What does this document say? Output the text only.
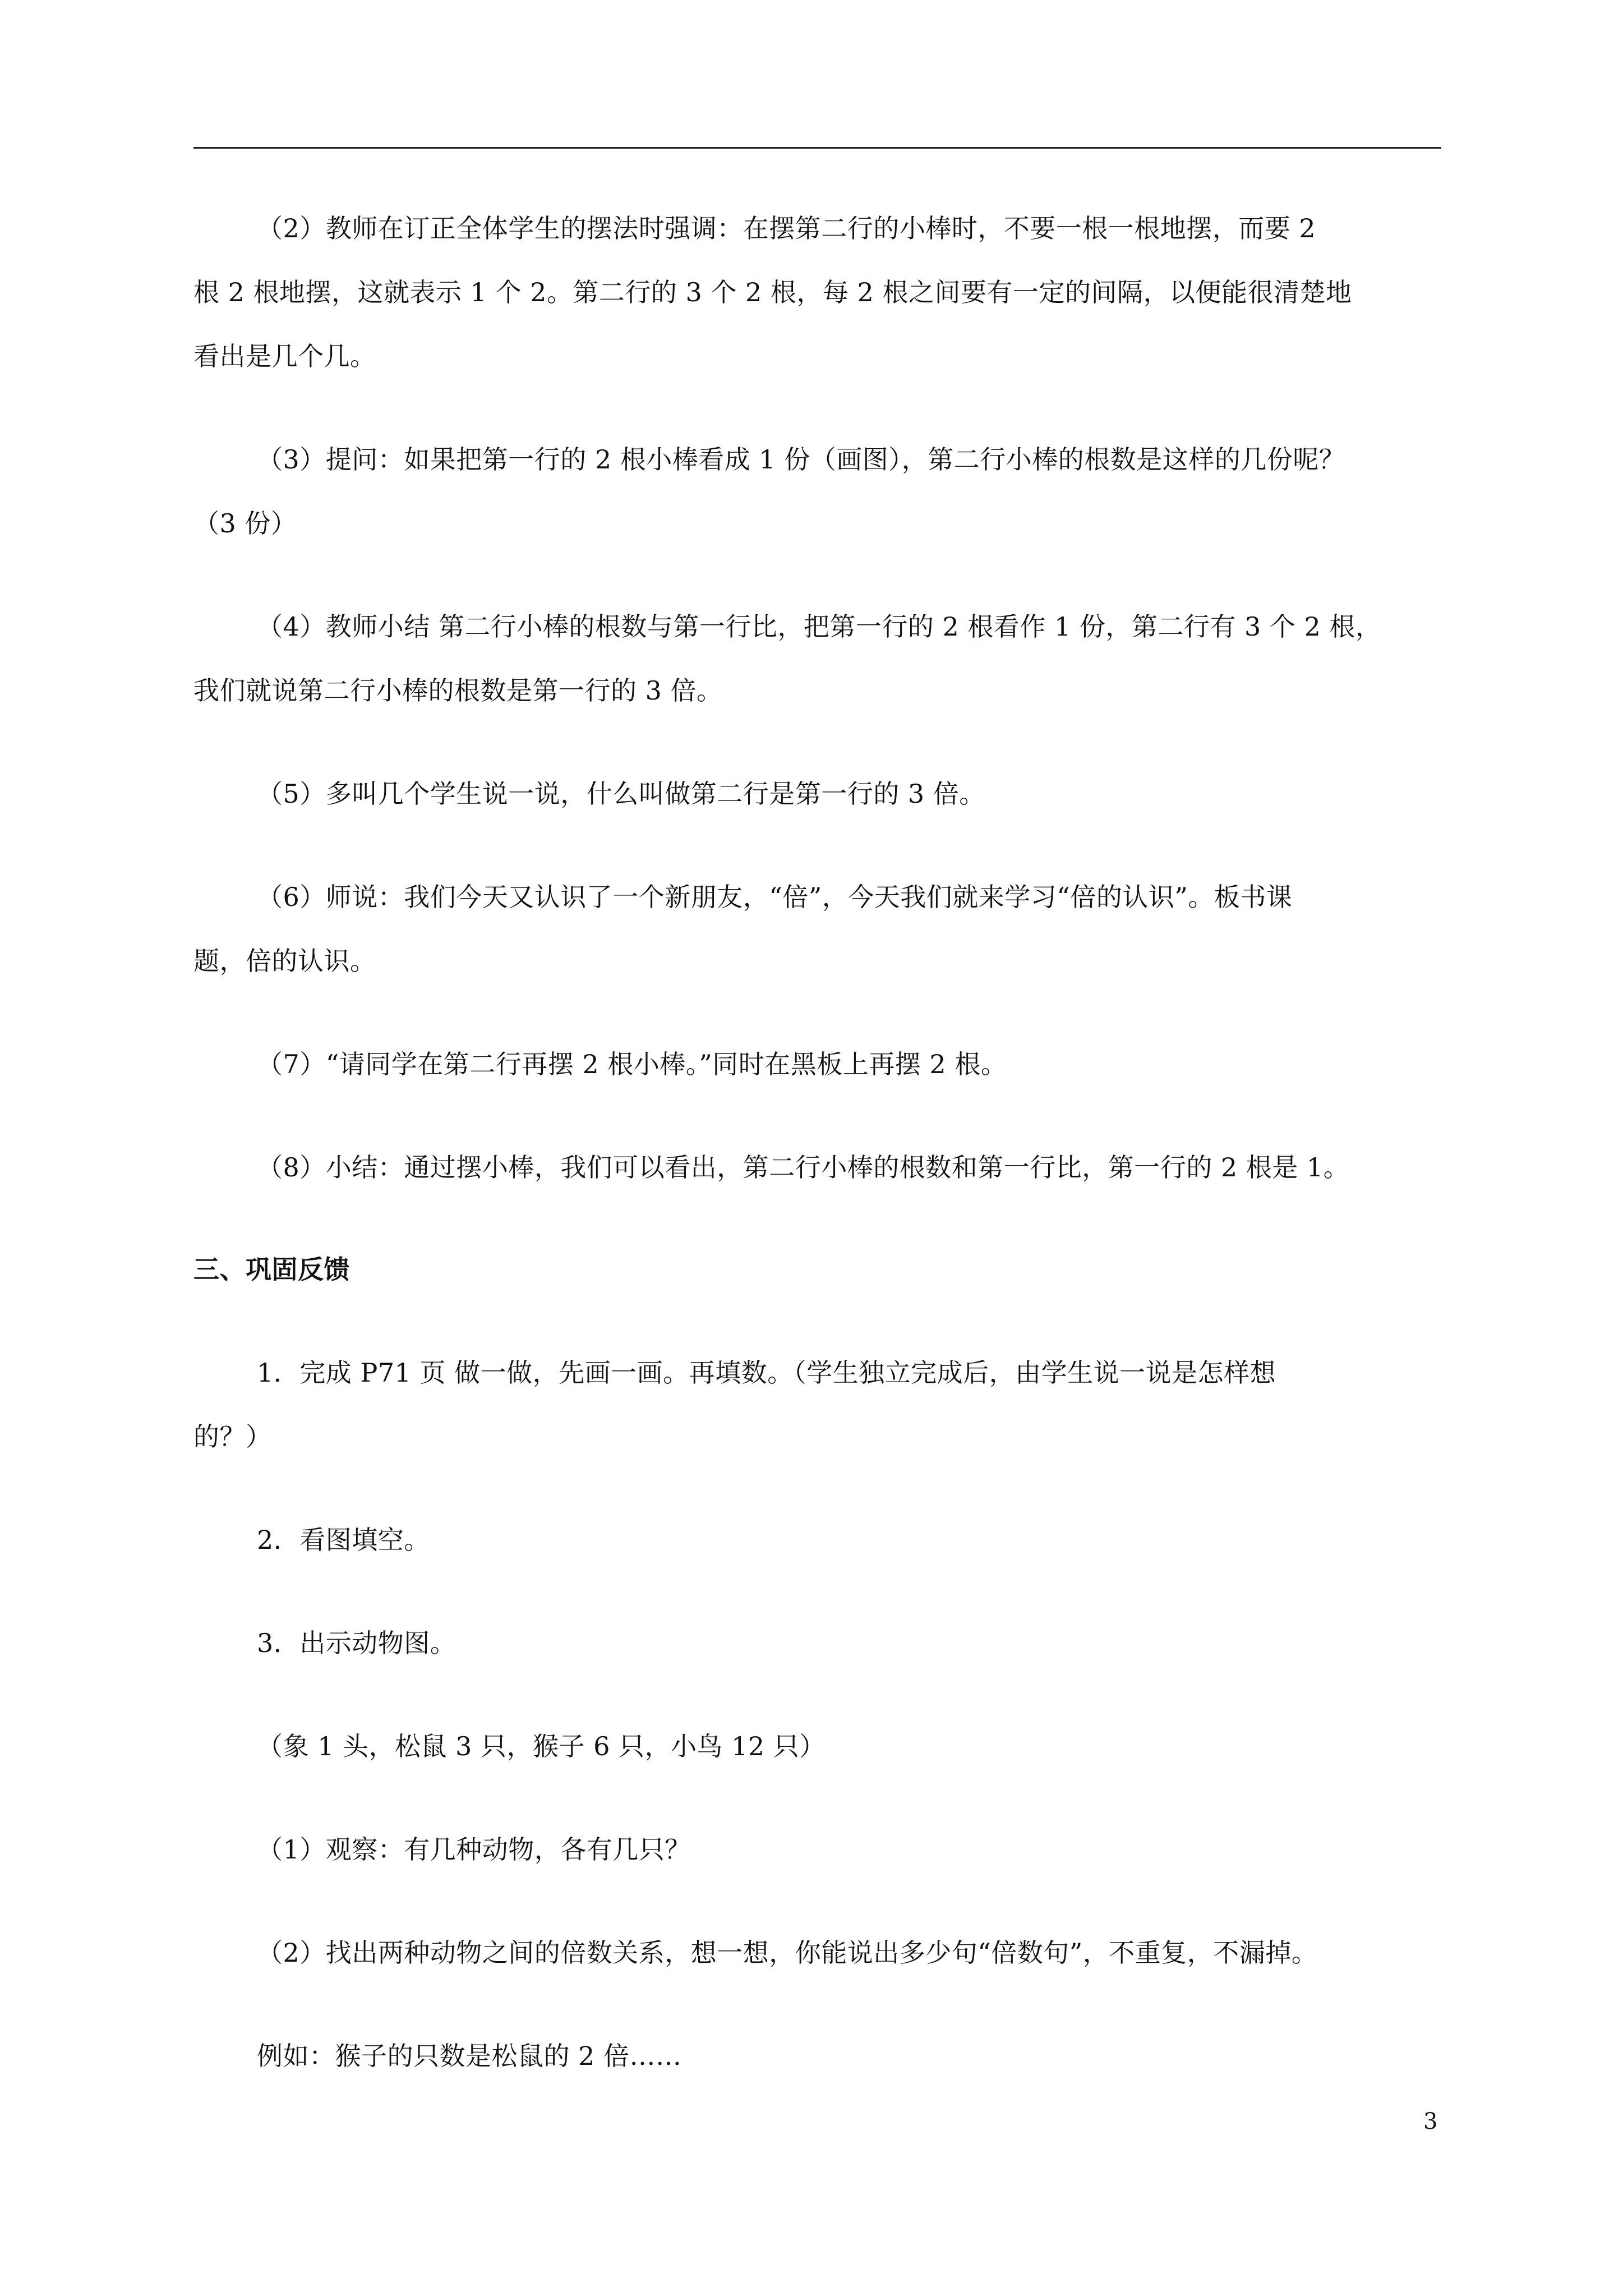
（2）教师在订正全体学生的摆法时强调：在摆第二行的小棒时，不要一根一根地摆，而要 2
根 2 根地摆，这就表示 1 个 2。第二行的 3 个 2 根，每 2 根之间要有一定的间隔，以便能很清楚地
看出是几个几。
（3）提问：如果把第一行的 2 根小棒看成 1 份（画图），第二行小棒的根数是这样的几份呢？
（3 份）
（4）教师小结 第二行小棒的根数与第一行比，把第一行的 2 根看作 1 份，第二行有 3 个 2 根，
我们就说第二行小棒的根数是第一行的 3 倍。
（5）多叫几个学生说一说，什么叫做第二行是第一行的 3 倍。
（6）师说：我们今天又认识了一个新朋友，“倍”，今天我们就来学习“倍的认识”。板书课
题，倍的认识。
（7）“请同学在第二行再摆 2 根小棒。”同时在黑板上再摆 2 根。
（8）小结：通过摆小棒，我们可以看出，第二行小棒的根数和第一行比，第一行的 2 根是 1。
三、巩固反馈
1．完成 P71 页 做一做，先画一画。再填数。（学生独立完成后，由学生说一说是怎样想
的？）
2．看图填空。
3．出示动物图。
（象 1 头，松鼠 3 只，猴子 6 只，小鸟 12 只）
（1）观察：有几种动物，各有几只？
（2）找出两种动物之间的倍数关系，想一想，你能说出多少句“倍数句”，不重复，不漏掉。
例如：猴子的只数是松鼠的 2 倍……
3
